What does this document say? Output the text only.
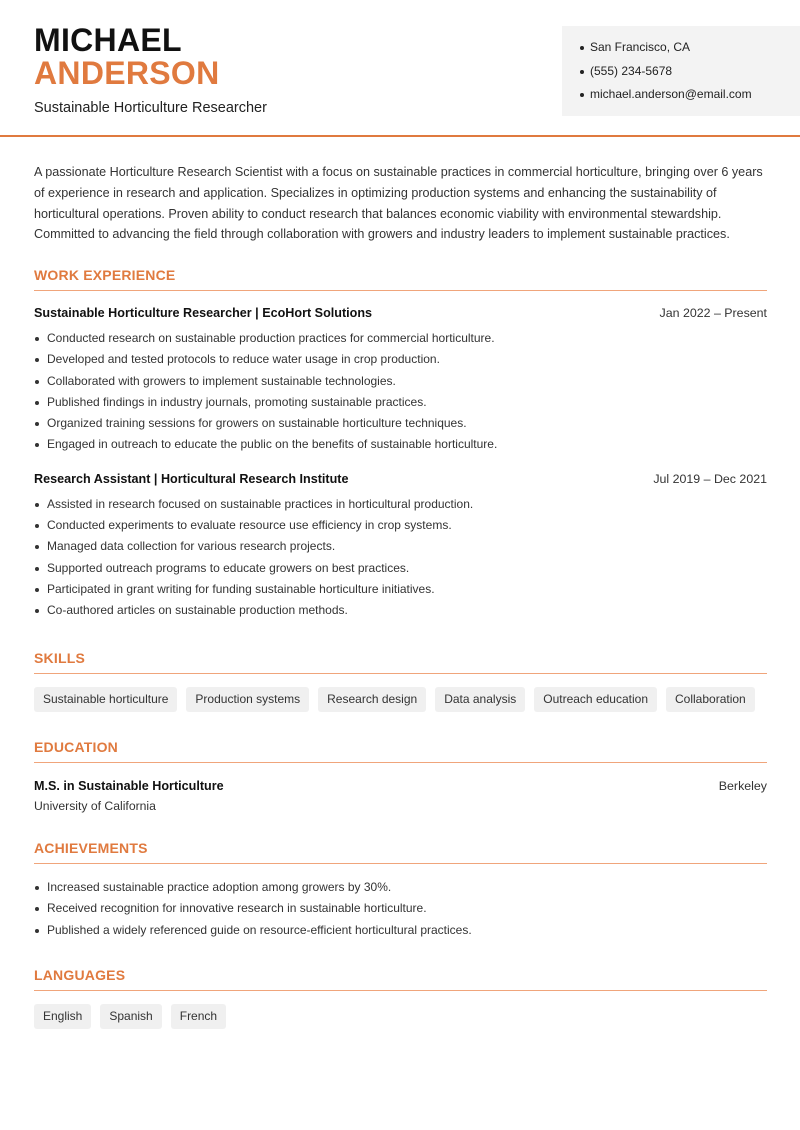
MICHAEL
ANDERSON
Sustainable Horticulture Researcher
San Francisco, CA
(555) 234-5678
michael.anderson@email.com

A passionate Horticulture Research Scientist with a focus on sustainable practices in commercial horticulture, bringing over 6 years of experience in research and application. Specializes in optimizing production systems and enhancing the sustainability of horticultural operations. Proven ability to conduct research that balances economic viability with environmental stewardship. Committed to advancing the field through collaboration with growers and industry leaders to implement sustainable practices.

WORK EXPERIENCE
Sustainable Horticulture Researcher | EcoHort Solutions	Jan 2022 – Present
Conducted research on sustainable production practices for commercial horticulture.
Developed and tested protocols to reduce water usage in crop production.
Collaborated with growers to implement sustainable technologies.
Published findings in industry journals, promoting sustainable practices.
Organized training sessions for growers on sustainable horticulture techniques.
Engaged in outreach to educate the public on the benefits of sustainable horticulture.
Research Assistant | Horticultural Research Institute	Jul 2019 – Dec 2021
Assisted in research focused on sustainable practices in horticultural production.
Conducted experiments to evaluate resource use efficiency in crop systems.
Managed data collection for various research projects.
Supported outreach programs to educate growers on best practices.
Participated in grant writing for funding sustainable horticulture initiatives.
Co-authored articles on sustainable production methods.
SKILLS
Sustainable horticulture	Production systems	Research design	Data analysis	Outreach education	Collaboration
EDUCATION
M.S. in Sustainable Horticulture	Berkeley
University of California
ACHIEVEMENTS
Increased sustainable practice adoption among growers by 30%.
Received recognition for innovative research in sustainable horticulture.
Published a widely referenced guide on resource-efficient horticultural practices.
LANGUAGES
English	Spanish	French
